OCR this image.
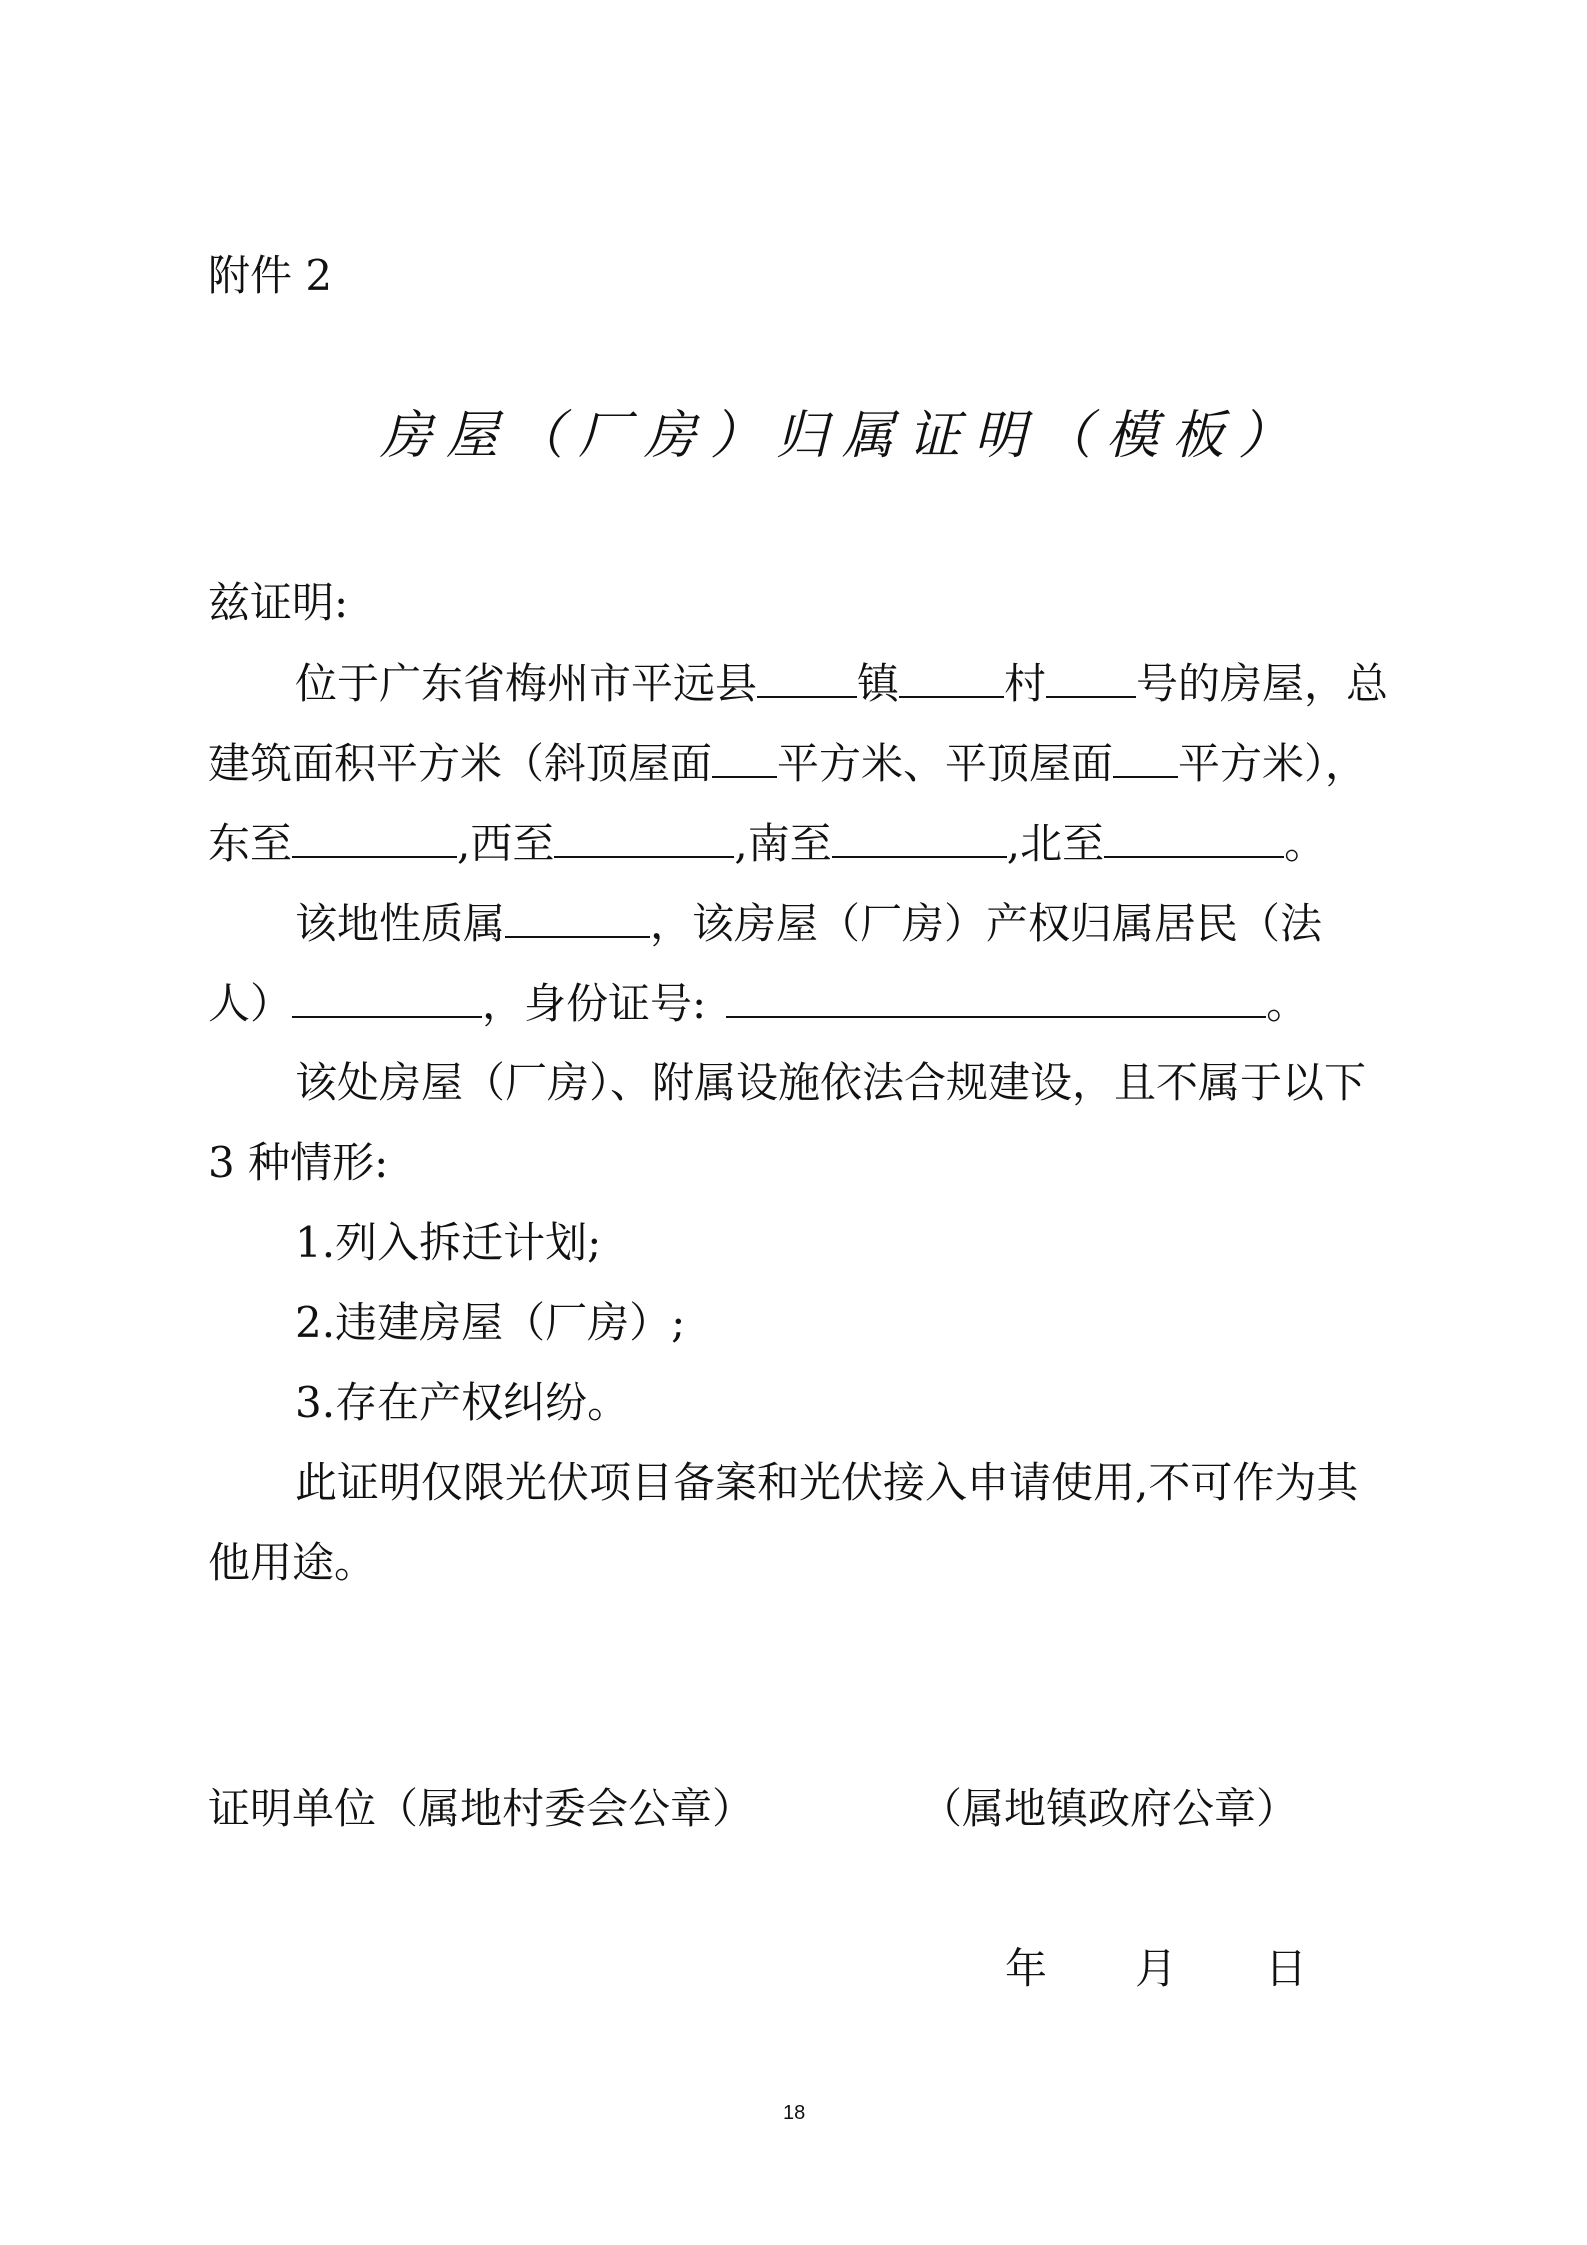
附件 2
房屋（厂房）归属证明（模板）
兹证明:
位于广东省梅州市平远县 镇	村 号的房屋，总
建筑面积平方米（斜顶屋面 平方米、平顶屋面 平方米），
东至	,西至	,南至	,北至	。
该地性质属	，该房屋（厂房）产权归属居民（法
人）	，身份证号:	。
该处房屋（厂房）、附属设施依法合规建设，且不属于以下
3 种情形:
1.列入拆迁计划;
2.违建房屋（厂房）;
3.存在产权纠纷。
此证明仅限光伏项目备案和光伏接入申请使用,不可作为其
他用途。
证明单位（属地村委会公章）	（属地镇政府公章）
年 月 日
18
